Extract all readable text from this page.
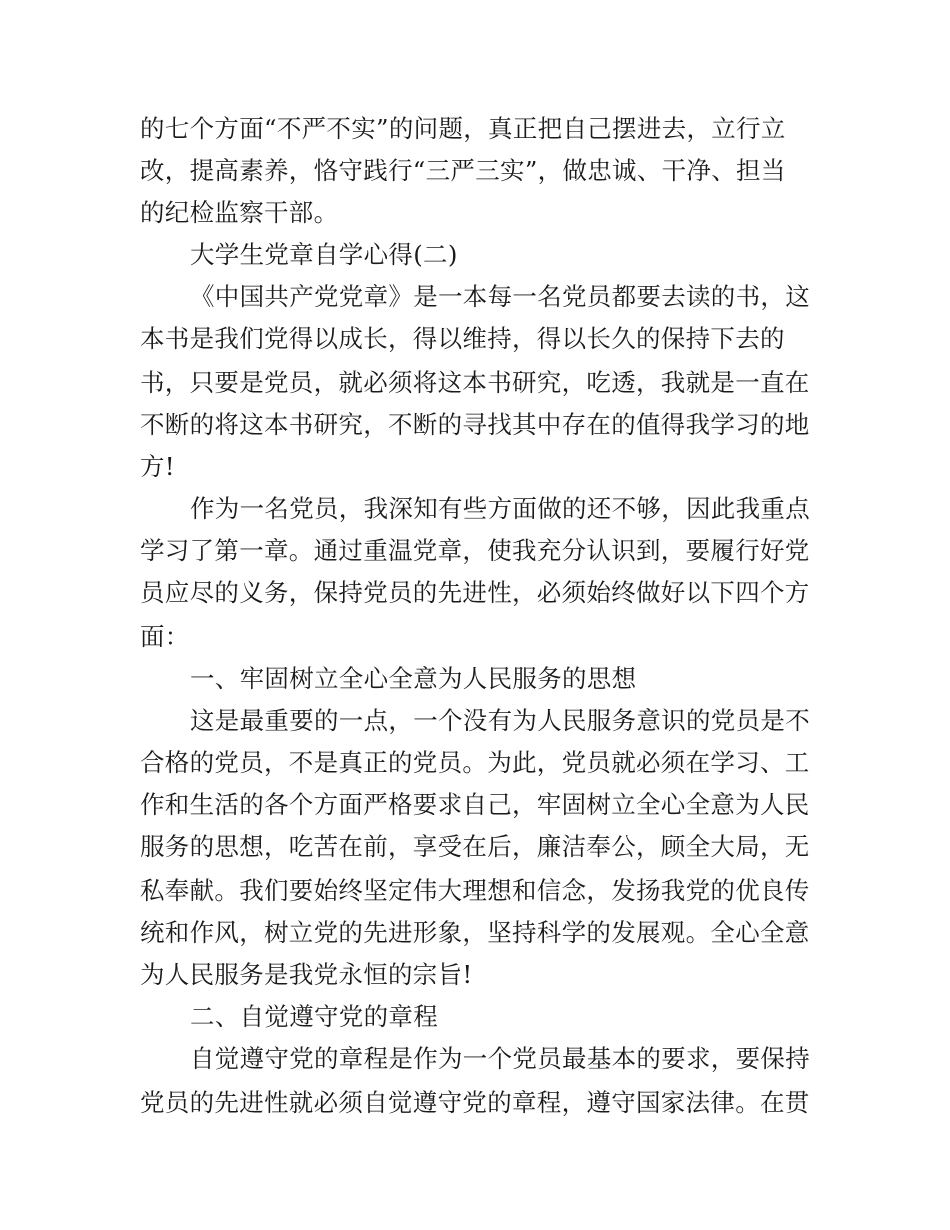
的七个方面“不严不实”的问题，真正把自己摆进去，立行立
改，提高素养，恪守践行“三严三实”，做忠诚、干净、担当
的纪检监察干部。
大学生党章自学心得(二)
《中国共产党党章》是一本每一名党员都要去读的书，这
本书是我们党得以成长，得以维持，得以长久的保持下去的
书，只要是党员，就必须将这本书研究，吃透，我就是一直在
不断的将这本书研究，不断的寻找其中存在的值得我学习的地
方!
作为一名党员，我深知有些方面做的还不够，因此我重点
学习了第一章。通过重温党章，使我充分认识到，要履行好党
员应尽的义务，保持党员的先进性，必须始终做好以下四个方
面：
一、牢固树立全心全意为人民服务的思想
这是最重要的一点，一个没有为人民服务意识的党员是不
合格的党员，不是真正的党员。为此，党员就必须在学习、工
作和生活的各个方面严格要求自己，牢固树立全心全意为人民
服务的思想，吃苦在前，享受在后，廉洁奉公，顾全大局，无
私奉献。我们要始终坚定伟大理想和信念，发扬我党的优良传
统和作风，树立党的先进形象，坚持科学的发展观。全心全意
为人民服务是我党永恒的宗旨!
二、自觉遵守党的章程
自觉遵守党的章程是作为一个党员最基本的要求，要保持
党员的先进性就必须自觉遵守党的章程，遵守国家法律。在贯
